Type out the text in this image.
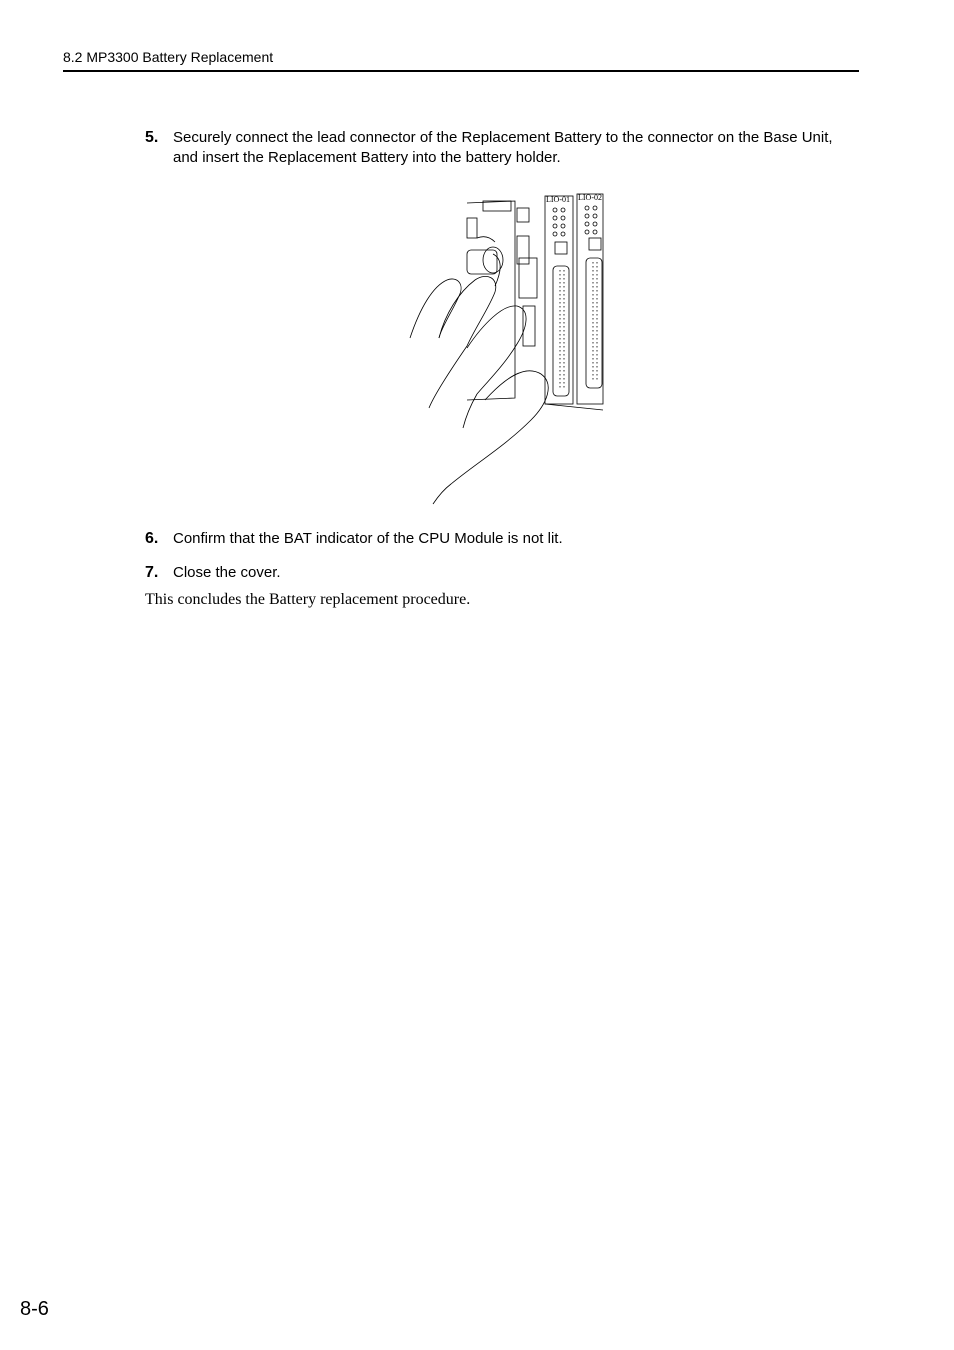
8.2 MP3300 Battery Replacement
5. Securely connect the lead connector of the Replacement Battery to the connector on the Base Unit, and insert the Replacement Battery into the battery holder.
LIO-01 LIO-02
6. Confirm that the BAT indicator of the CPU Module is not lit.
7. Close the cover.
This concludes the Battery replacement procedure.
8-6
